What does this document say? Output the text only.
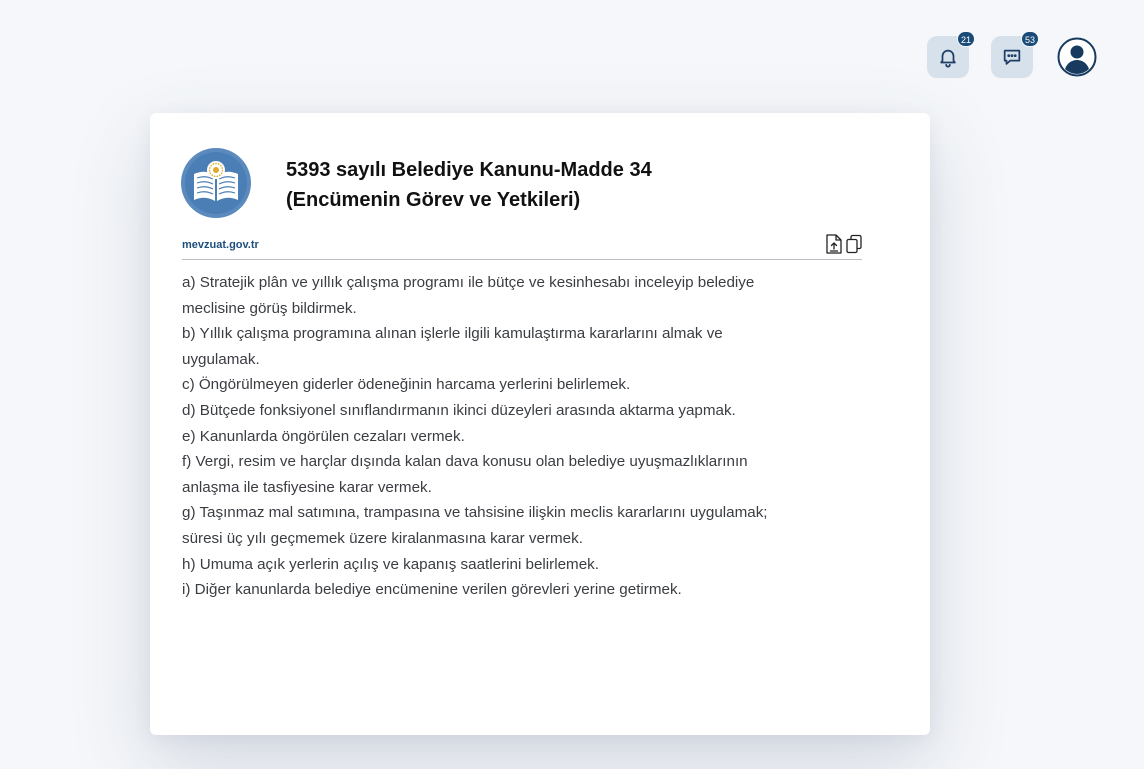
21	53
5393 sayılı Belediye Kanunu-Madde 34
(Encümenin Görev ve Yetkileri)
mevzuat.gov.tr

a) Stratejik plân ve yıllık çalışma programı ile bütçe ve kesinhesabı inceleyip belediye

meclisine görüş bildirmek.

b) Yıllık çalışma programına alınan işlerle ilgili kamulaştırma kararlarını almak ve

uygulamak.

c) Öngörülmeyen giderler ödeneğinin harcama yerlerini belirlemek.

d) Bütçede fonksiyonel sınıflandırmanın ikinci düzeyleri arasında aktarma yapmak.

e) Kanunlarda öngörülen cezaları vermek.

f) Vergi, resim ve harçlar dışında kalan dava konusu olan belediye uyuşmazlıklarının

anlaşma ile tasfiyesine karar vermek.

g) Taşınmaz mal satımına, trampasına ve tahsisine ilişkin meclis kararlarını uygulamak;

süresi üç yılı geçmemek üzere kiralanmasına karar vermek.

h) Umuma açık yerlerin açılış ve kapanış saatlerini belirlemek.

i) Diğer kanunlarda belediye encümenine verilen görevleri yerine getirmek.
